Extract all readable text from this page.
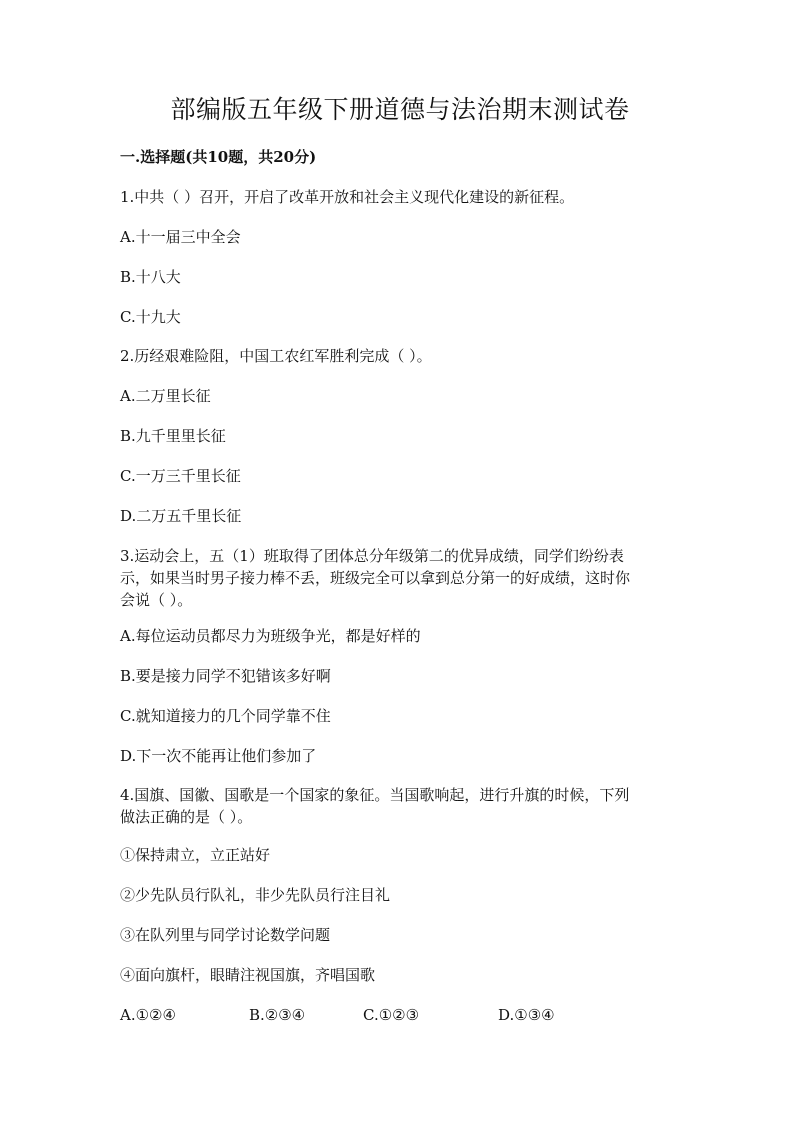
部编版五年级下册道德与法治期末测试卷
一.选择题(共10题，共20分)
1.中共（ ）召开，开启了改革开放和社会主义现代化建设的新征程。
A.十一届三中全会
B.十八大
C.十九大
2.历经艰难险阻，中国工农红军胜利完成（ ）。
A.二万里长征
B.九千里里长征
C.一万三千里长征
D.二万五千里长征
3.运动会上，五（1）班取得了团体总分年级第二的优异成绩，同学们纷纷表
示，如果当时男子接力棒不丢，班级完全可以拿到总分第一的好成绩，这时你
会说（ ）。
A.每位运动员都尽力为班级争光，都是好样的
B.要是接力同学不犯错该多好啊
C.就知道接力的几个同学靠不住
D.下一次不能再让他们参加了
4.国旗、国徽、国歌是一个国家的象征。当国歌响起，进行升旗的时候，下列
做法正确的是（ ）。
①保持肃立，立正站好
②少先队员行队礼，非少先队员行注目礼
③在队列里与同学讨论数学问题
④面向旗杆，眼睛注视国旗，齐唱国歌
A.①②④	B.②③④	C.①②③	D.①③④
